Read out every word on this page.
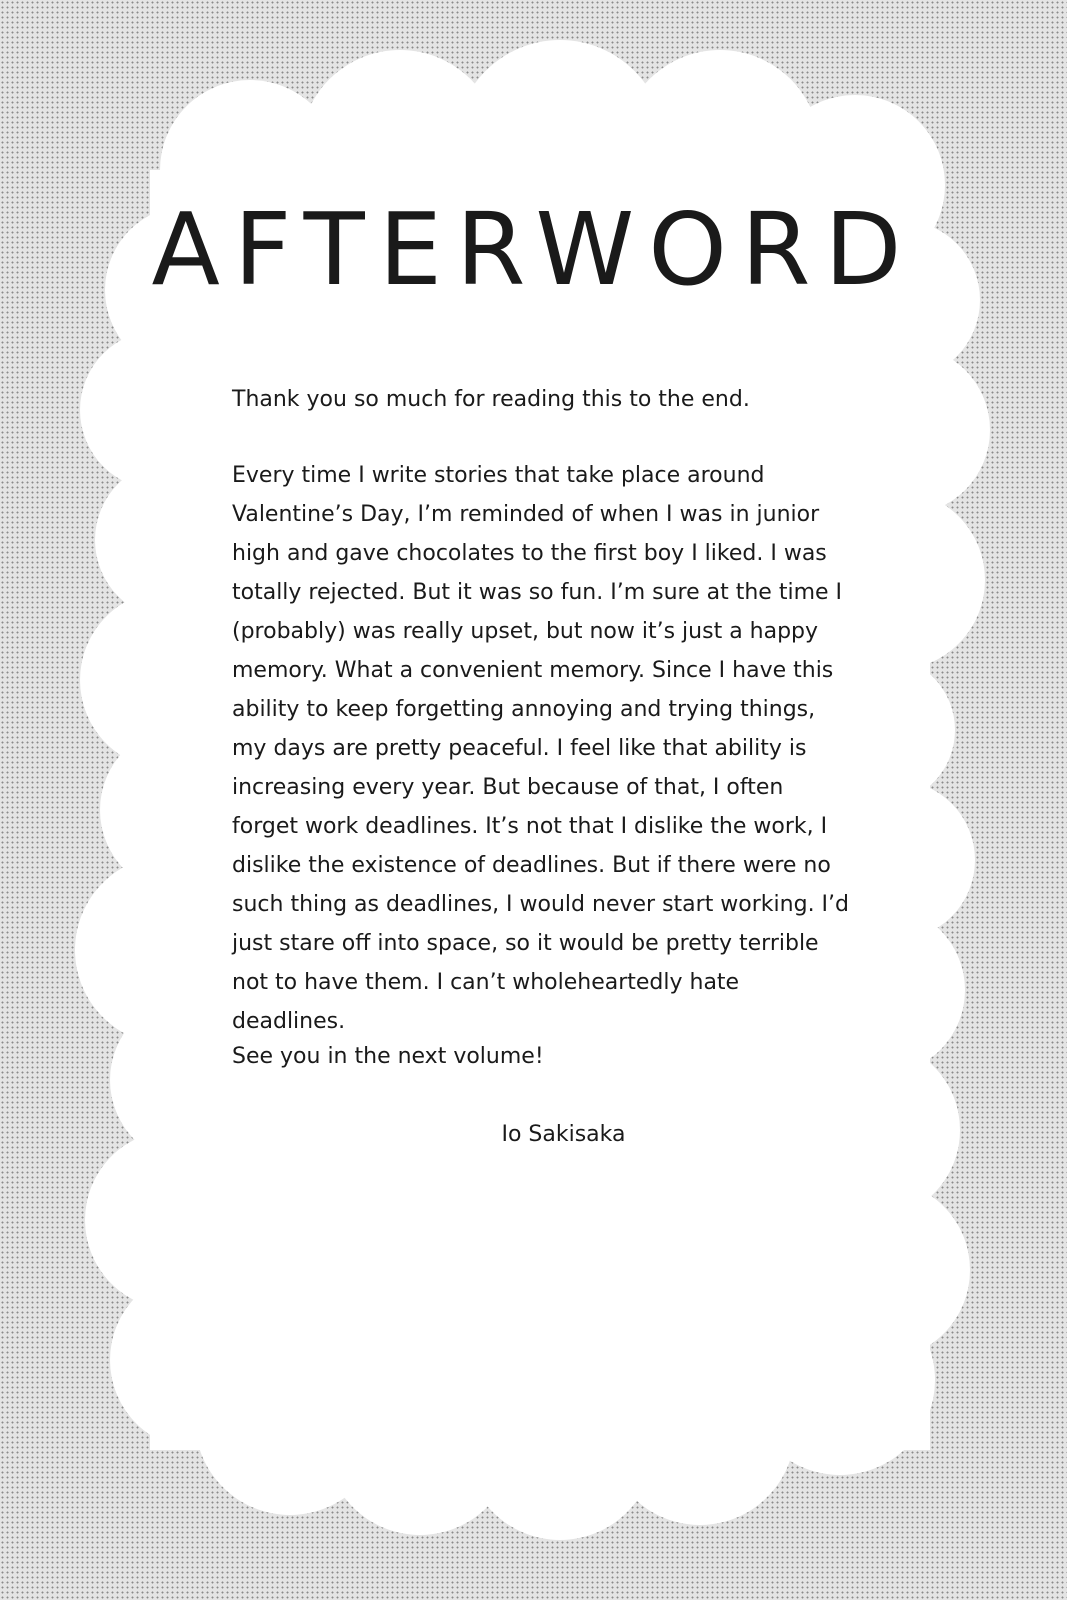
AFTERWORD

Thank you so much for reading this to the end.

Every time I write stories that take place around Valentine’s Day, I’m reminded of when I was in junior high and gave chocolates to the first boy I liked. I was totally rejected. But it was so fun. I’m sure at the time I (probably) was really upset, but now it’s just a happy memory. What a convenient memory. Since I have this ability to keep forgetting annoying and trying things, my days are pretty peaceful. I feel like that ability is increasing every year. But because of that, I often forget work deadlines. It’s not that I dislike the work, I dislike the existence of deadlines. But if there were no such thing as deadlines, I would never start working. I’d just stare off into space, so it would be pretty terrible not to have them. I can’t wholeheartedly hate deadlines.

See you in the next volume!

Io Sakisaka
